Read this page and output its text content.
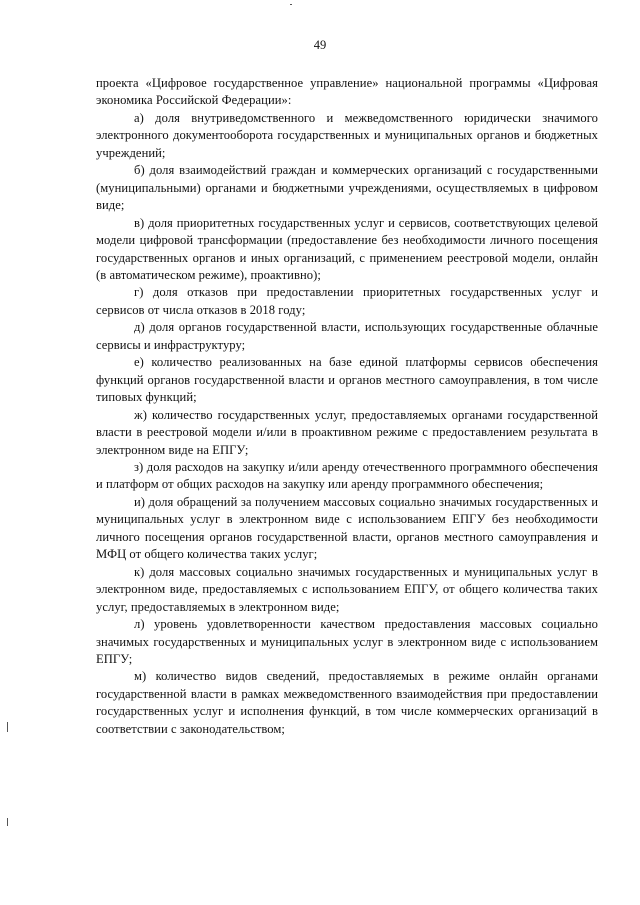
49

проекта «Цифровое государственное управление» национальной программы «Цифровая экономика Российской Федерации»:

а) доля внутриведомственного и межведомственного юридически значимого электронного документооборота государственных и муниципальных органов и бюджетных учреждений;

б) доля взаимодействий граждан и коммерческих организаций с государственными (муниципальными) органами и бюджетными учреждениями, осуществляемых в цифровом виде;

в) доля приоритетных государственных услуг и сервисов, соответствующих целевой модели цифровой трансформации (предоставление без необходимости личного посещения государственных органов и иных организаций, с применением реестровой модели, онлайн (в автоматическом режиме), проактивно);

г) доля отказов при предоставлении приоритетных государственных услуг и сервисов от числа отказов в 2018 году;

д) доля органов государственной власти, использующих государственные облачные сервисы и инфраструктуру;

е) количество реализованных на базе единой платформы сервисов обеспечения функций органов государственной власти и органов местного самоуправления, в том числе типовых функций;

ж) количество государственных услуг, предоставляемых органами государственной власти в реестровой модели и/или в проактивном режиме с предоставлением результата в электронном виде на ЕПГУ;

з) доля расходов на закупку и/или аренду отечественного программного обеспечения и платформ от общих расходов на закупку или аренду программного обеспечения;

и) доля обращений за получением массовых социально значимых государственных и муниципальных услуг в электронном виде с использованием ЕПГУ без необходимости личного посещения органов государственной власти, органов местного самоуправления и МФЦ от общего количества таких услуг;

к) доля массовых социально значимых государственных и муниципальных услуг в электронном виде, предоставляемых с использованием ЕПГУ, от общего количества таких услуг, предоставляемых в электронном виде;

л) уровень удовлетворенности качеством предоставления массовых социально значимых государственных и муниципальных услуг в электронном виде с использованием ЕПГУ;

м) количество видов сведений, предоставляемых в режиме онлайн органами государственной власти в рамках межведомственного взаимодействия при предоставлении государственных услуг и исполнения функций, в том числе коммерческих организаций в соответствии с законодательством;
